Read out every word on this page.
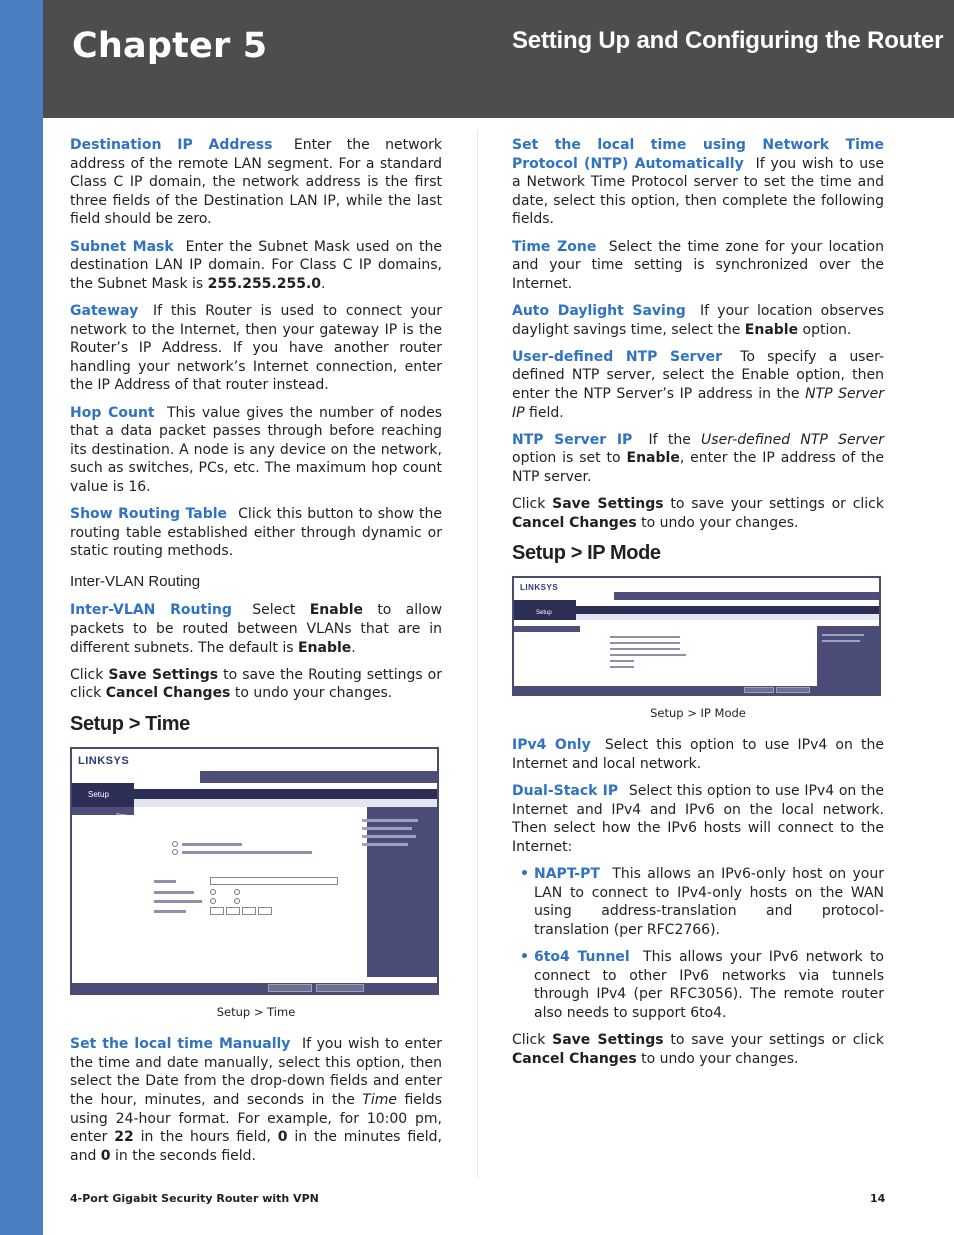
Chapter 5	Setting Up and Configuring the Router

Destination IP Address Enter the network address of the remote LAN segment. For a standard Class C IP domain, the network address is the first three fields of the Destination LAN IP, while the last field should be zero.

Subnet Mask Enter the Subnet Mask used on the destination LAN IP domain. For Class C IP domains, the Subnet Mask is 255.255.255.0.

Gateway If this Router is used to connect your network to the Internet, then your gateway IP is the Router’s IP Address. If you have another router handling your network’s Internet connection, enter the IP Address of that router instead.

Hop Count This value gives the number of nodes that a data packet passes through before reaching its destination. A node is any device on the network, such as switches, PCs, etc. The maximum hop count value is 16.

Show Routing Table Click this button to show the routing table established either through dynamic or static routing methods.

Inter-VLAN Routing

Inter-VLAN Routing Select Enable to allow packets to be routed between VLANs that are in different subnets. The default is Enable.

Click Save Settings to save the Routing settings or click Cancel Changes to undo your changes.

Setup > Time
LINKSYS
Setup
Time
Setup > Time

Set the local time Manually If you wish to enter the time and date manually, select this option, then select the Date from the drop-down fields and enter the hour, minutes, and seconds in the Time fields using 24-hour format. For example, for 10:00 pm, enter 22 in the hours field, 0 in the minutes field, and 0 in the seconds field.

Set the local time using Network Time Protocol (NTP) Automatically If you wish to use a Network Time Protocol server to set the time and date, select this option, then complete the following fields.

Time Zone Select the time zone for your location and your time setting is synchronized over the Internet.

Auto Daylight Saving If your location observes daylight savings time, select the Enable option.

User-defined NTP Server To specify a user-defined NTP server, select the Enable option, then enter the NTP Server’s IP address in the NTP Server IP field.

NTP Server IP If the User-defined NTP Server option is set to Enable, enter the IP address of the NTP server.

Click Save Settings to save your settings or click Cancel Changes to undo your changes.

Setup > IP Mode
LINKSYS
Setup
IP Mode
Setup > IP Mode

IPv4 Only Select this option to use IPv4 on the Internet and local network.

Dual-Stack IP Select this option to use IPv4 on the Internet and IPv4 and IPv6 on the local network. Then select how the IPv6 hosts will connect to the Internet:

• NAPT-PT This allows an IPv6-only host on your LAN to connect to IPv4-only hosts on the WAN using address-translation and protocol-translation (per RFC2766).
• 6to4 Tunnel This allows your IPv6 network to connect to other IPv6 networks via tunnels through IPv4 (per RFC3056). The remote router also needs to support 6to4.

Click Save Settings to save your settings or click Cancel Changes to undo your changes.

4-Port Gigabit Security Router with VPN	14
